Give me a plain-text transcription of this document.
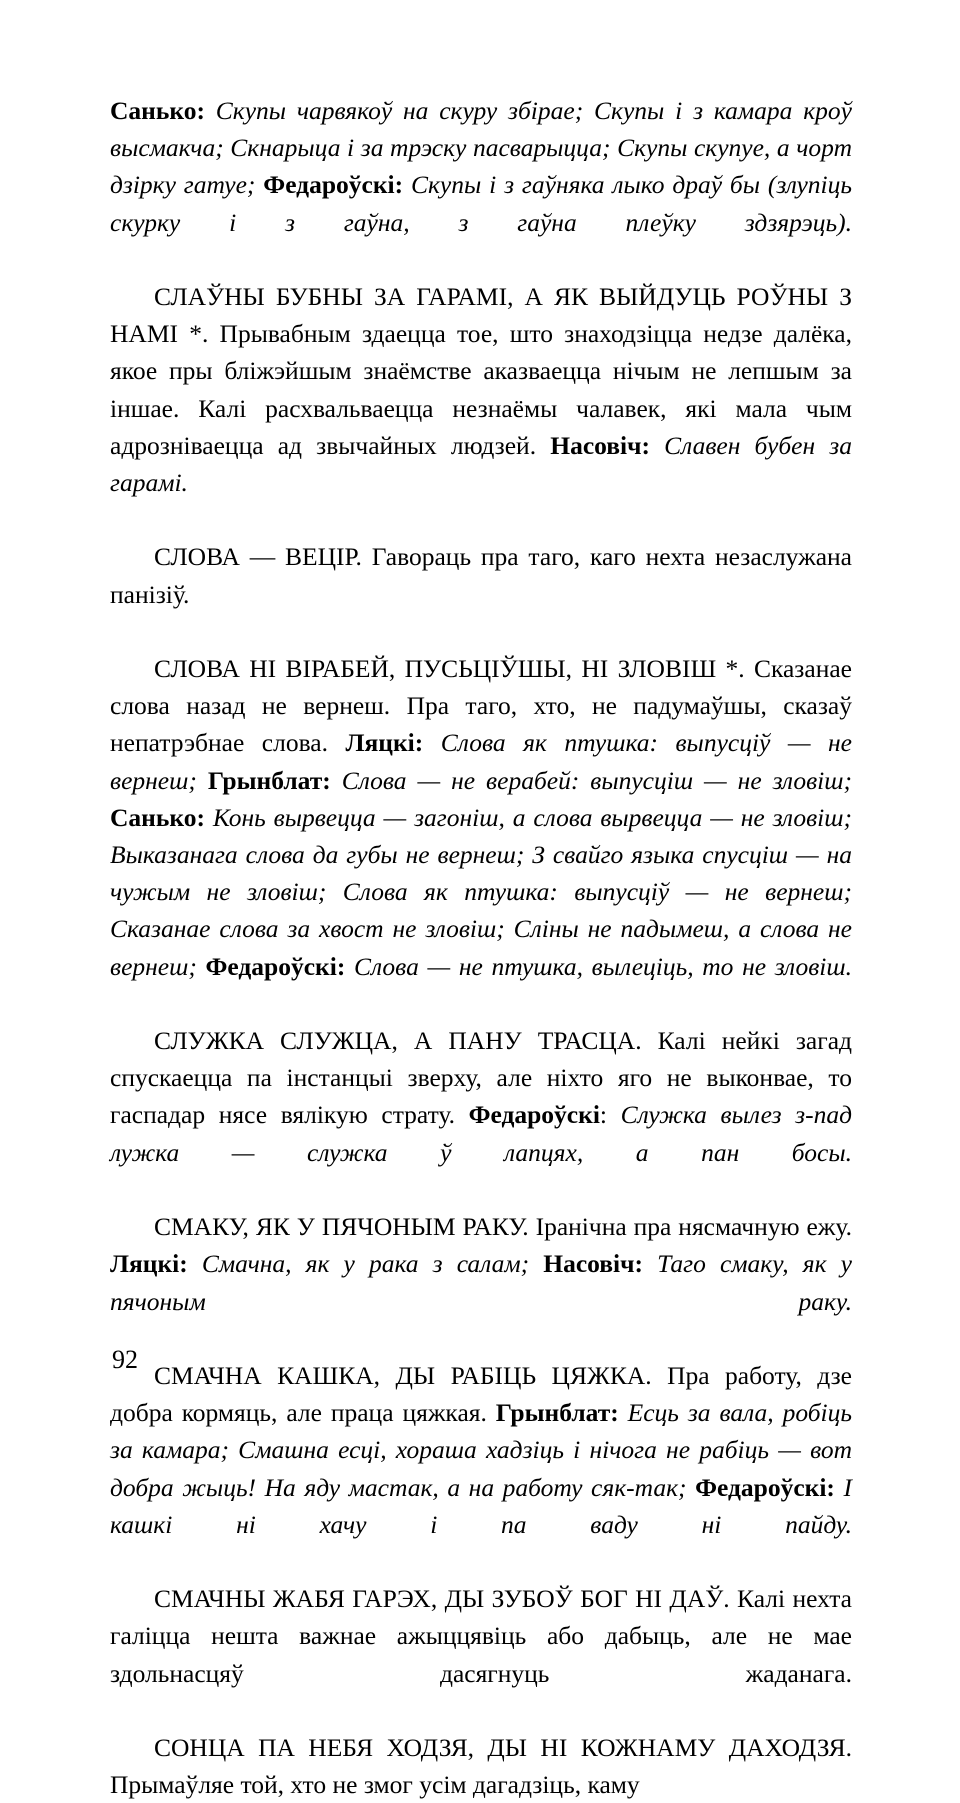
Санько: Скупы чарвякоў на скуру збірае; Скупы і з камара кроў высмакча; Скнарыца і за трэску пасварыцца; Скупы скупуе, а чорт дзірку гатуе; Федароўскі: Скупы і з гаўняка лыко драў бы (злупіць скурку і з гаўна, з гаўна плеўку здзярэць).

СЛАЎНЫ БУБНЫ ЗА ГАРАМІ, А ЯК ВЫЙДУЦЬ РОЎНЫ З НАМІ *. Прывабным здаецца тое, што знаходзіцца недзе далёка, якое пры бліжэйшым знаёмстве аказваецца нічым не лепшым за іншае. Калі расхвальваецца незнаёмы чалавек, які мала чым адрозніваецца ад звычайных людзей. Насовіч: Славен бубен за гарамі.

СЛОВА — ВЕЦІР. Гавораць пра таго, каго нехта незаслужана панізіў.

СЛОВА НІ ВІРАБЕЙ, ПУСЬЦІЎШЫ, НІ ЗЛОВІШ *. Сказанае слова назад не вернеш. Пра таго, хто, не падумаўшы, сказаў непатрэбнае слова. Ляцкі: Слова як птушка: выпусціў — не вернеш; Грынблат: Слова — не верабей: выпусціш — не зловіш; Санько: Конь вырвецца — загоніш, а слова вырвецца — не зловіш; Выказанага слова да губы не вернеш; З свайго языка спусціш — на чужым не зловіш; Слова як птушка: выпусціў — не вернеш; Сказанае слова за хвост не зловіш; Сліны не падымеш, а слова не вернеш; Федароўскі: Слова — не птушка, вылеціць, то не зловіш.

СЛУЖКА СЛУЖЦА, А ПАНУ ТРАСЦА. Калі нейкі загад спускаецца па інстанцыі зверху, але ніхто яго не выконвае, то гаспадар нясе вялікую страту. Федароўскі: Служка вылез з-пад лужка — служка ў лапцях, а пан босы.

СМАКУ, ЯК У ПЯЧОНЫМ РАКУ. Іранічна пра нясмачную ежу. Ляцкі: Смачна, як у рака з салам; Насовіч: Таго смаку, як у пячоным раку.

СМАЧНА КАШКА, ДЫ РАБІЦЬ ЦЯЖКА. Пра работу, дзе добра кормяць, але праца цяжкая. Грынблат: Есць за вала, робіць за камара; Смашна есці, хораша хадзіць і нічога не рабіць — вот добра жыць! На яду мастак, а на работу сяк-так; Федароўскі: І кашкі ні хачу і па ваду ні пайду.

СМАЧНЫ ЖАБЯ ГАРЭХ, ДЫ ЗУБОЎ БОГ НІ ДАЎ. Калі нехта галіцца нешта важнае ажыццявіць або дабыць, але не мае здольнасцяў дасягнуць жаданага.

СОНЦА ПА НЕБЯ ХОДЗЯ, ДЫ НІ КОЖНАМУ ДАХОДЗЯ. Прымаўляе той, хто не змог усім дагадзіць, каму

92
